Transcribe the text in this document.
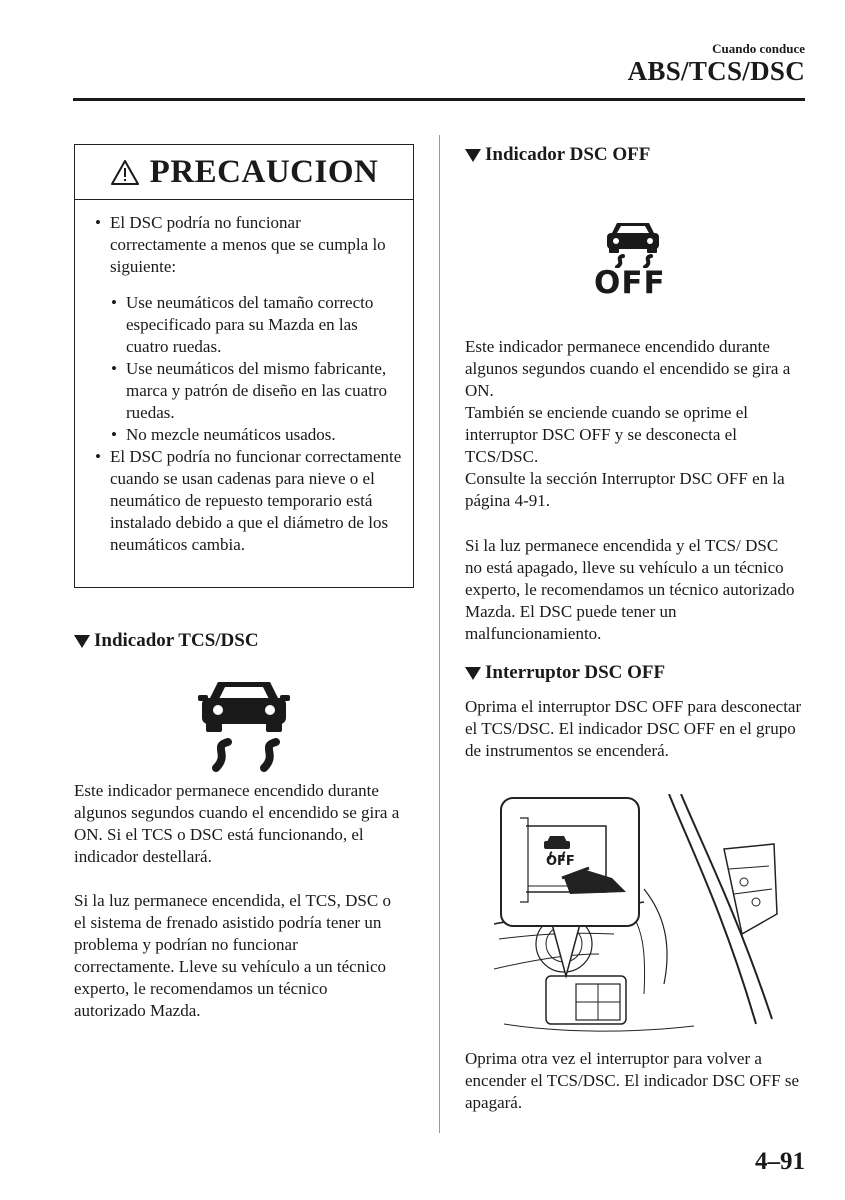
Cuando conduce
ABS/TCS/DSC
PRECAUCION
• El DSC podría no funcionar correctamente a menos que se cumpla lo siguiente:
• Use neumáticos del tamaño correcto especificado para su Mazda en las cuatro ruedas.
• Use neumáticos del mismo fabricante, marca y patrón de diseño en las cuatro ruedas.
• No mezcle neumáticos usados.
• El DSC podría no funcionar correctamente cuando se usan cadenas para nieve o el neumático de repuesto temporario está instalado debido a que el diámetro de los neumáticos cambia.
Indicador TCS/DSC

Este indicador permanece encendido durante algunos segundos cuando el encendido se gira a ON. Si el TCS o DSC está funcionando, el indicador destellará.

Si la luz permanece encendida, el TCS, DSC o el sistema de frenado asistido podría tener un problema y podrían no funcionar correctamente. Lleve su vehículo a un técnico experto, le recomendamos un técnico autorizado Mazda.

Indicador DSC OFF
OFF

Este indicador permanece encendido durante algunos segundos cuando el encendido se gira a ON.

También se enciende cuando se oprime el interruptor DSC OFF y se desconecta el TCS/DSC.

Consulte la sección Interruptor DSC OFF en la página 4-91.

Si la luz permanece encendida y el TCS/ DSC no está apagado, lleve su vehículo a un técnico experto, le recomendamos un técnico autorizado Mazda. El DSC puede tener un malfuncionamiento.

Interruptor DSC OFF

Oprima el interruptor DSC OFF para desconectar el TCS/DSC. El indicador DSC OFF en el grupo de instrumentos se encenderá.

OFF

Oprima otra vez el interruptor para volver a encender el TCS/DSC. El indicador DSC OFF se apagará.

4–91
